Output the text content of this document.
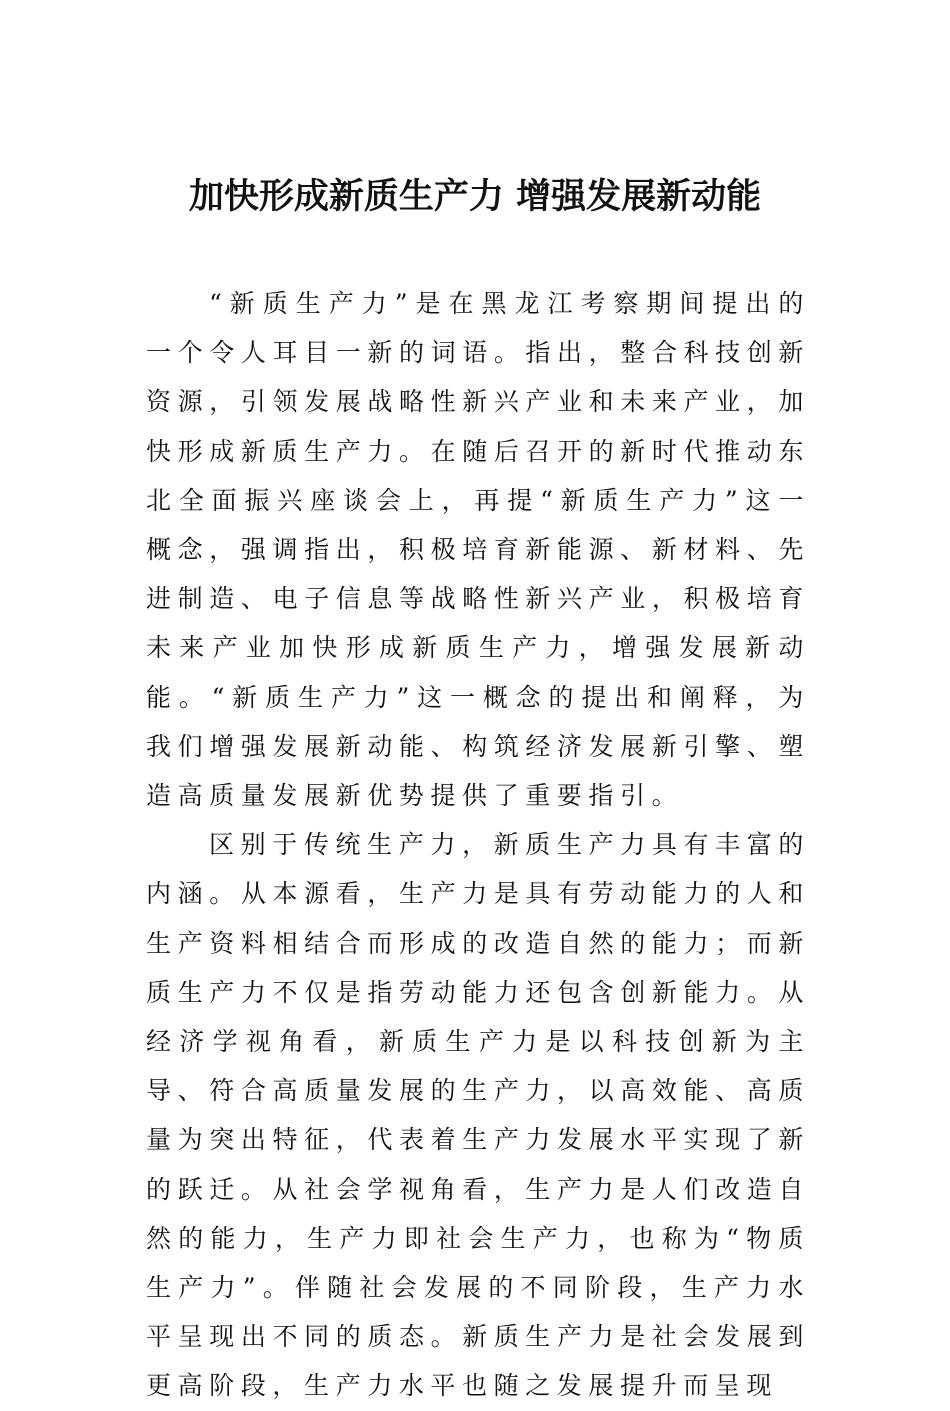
加快形成新质生产力 增强发展新动能

“新质生产力”是在黑龙江考察期间提出的一个令人耳目一新的词语。指出，整合科技创新资源，引领发展战略性新兴产业和未来产业，加快形成新质生产力。在随后召开的新时代推动东北全面振兴座谈会上，再提“新质生产力”这一概念，强调指出，积极培育新能源、新材料、先进制造、电子信息等战略性新兴产业，积极培育未来产业加快形成新质生产力，增强发展新动能。“新质生产力”这一概念的提出和阐释，为我们增强发展新动能、构筑经济发展新引擎、塑造高质量发展新优势提供了重要指引。

区别于传统生产力，新质生产力具有丰富的内涵。从本源看，生产力是具有劳动能力的人和生产资料相结合而形成的改造自然的能力；而新质生产力不仅是指劳动能力还包含创新能力。从经济学视角看，新质生产力是以科技创新为主导、符合高质量发展的生产力，以高效能、高质量为突出特征，代表着生产力发展水平实现了新的跃迁。从社会学视角看，生产力是人们改造自然的能力，生产力即社会生产力，也称为“物质生产力”。伴随社会发展的不同阶段，生产力水平呈现出不同的质态。新质生产力是社会发展到更高阶段，生产力水平也随之发展提升而呈现
